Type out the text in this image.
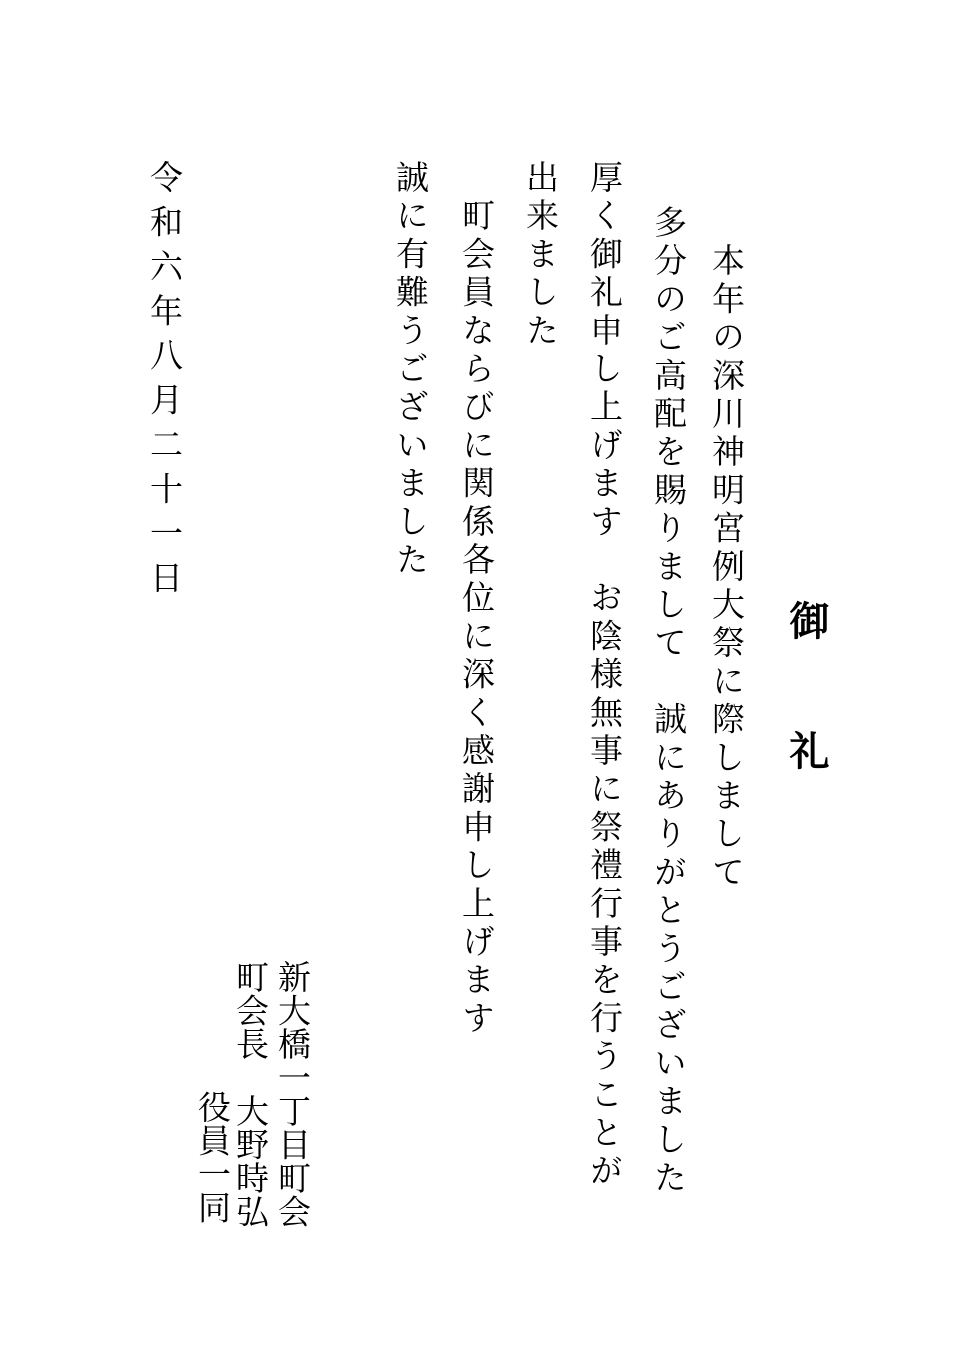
御礼
　本年の深川神明宮例大祭に際しまして
多分のご高配を賜りまして　誠にありがとうございました
厚く御礼申し上げます　お陰様無事に祭禮行事を行うことが
出来ました
　町会員ならびに関係各位に深く感謝申し上げます
誠に有難うございました
新大橋一丁目町会
町会長　大野時弘
役員一同
令和六年八月二十一日
